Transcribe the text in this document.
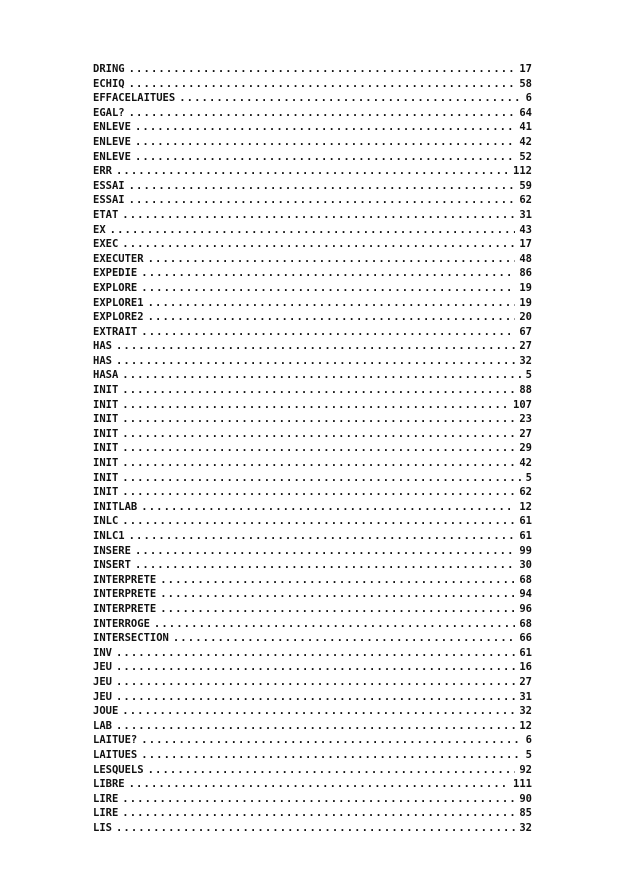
DRING . . .	17
ECHIQ . . .	58
EFFACELAITUES . . .	6
EGAL? . . .	64
ENLEVE . . .	41
ENLEVE . . .	42
ENLEVE . . .	52
ERR . . .	112
ESSAI . . .	59
ESSAI . . .	62
ETAT . . .	31
EX . . .	43
EXEC . . .	17
EXECUTER . . .	48
EXPEDIE . . .	86
EXPLORE . . .	19
EXPLORE1 . . .	19
EXPLORE2 . . .	20
EXTRAIT . . .	67
HAS . . .	27
HAS . . .	32
HASA . . .	5
INIT . . .	88
INIT . . .	107
INIT . . .	23
INIT . . .	27
INIT . . .	29
INIT . . .	42
INIT . . .	5
INIT . . .	62
INITLAB . . .	12
INLC . . .	61
INLC1 . . .	61
INSERE . . .	99
INSERT . . .	30
INTERPRETE . . .	68
INTERPRETE . . .	94
INTERPRETE . . .	96
INTERROGE . . .	68
INTERSECTION . . .	66
INV . . .	61
JEU . . .	16
JEU . . .	27
JEU . . .	31
JOUE . . .	32
LAB . . .	12
LAITUE? . . .	6
LAITUES . . .	5
LESQUELS . . .	92
LIBRE . . .	111
LIRE . . .	90
LIRE . . .	85
LIS . . .	32
